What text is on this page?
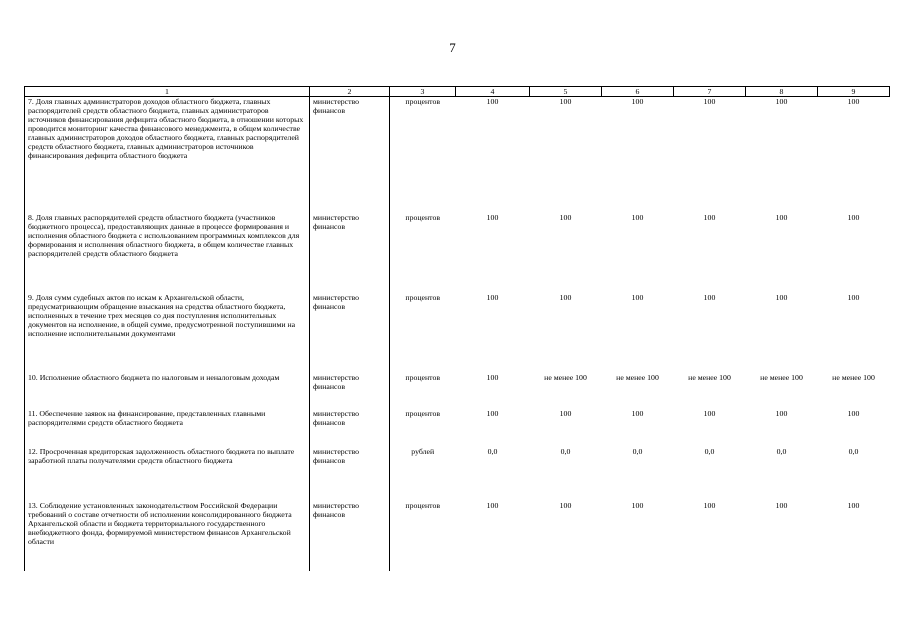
7
1	2	3	4	5	6	7	8	9
7. Доля главных администраторов доходов областного бюджета, главных распорядителей средств областного бюджета, главных администраторов источников финансирования дефицита областного бюджета, в отношении которых проводится мониторинг качества финансового менеджмента, в общем количестве главных администраторов доходов областного бюджета, главных распорядителей средств областного бюджета, главных администраторов источников финансирования дефицита областного бюджета	министерство финансов	процентов	100	100	100	100	100	100
8. Доля главных распорядителей средств областного бюджета (участников бюджетного процесса), предоставляющих данные в процессе формирования и исполнения областного бюджета с использованием программных комплексов для формирования и исполнения областного бюджета, в общем количестве главных распорядителей средств областного бюджета	министерство финансов	процентов	100	100	100	100	100	100
9. Доля сумм судебных актов по искам к Архангельской области, предусматривающим обращение взыскания на средства областного бюджета, исполненных в течение трех месяцев со дня поступления исполнительных документов на исполнение, в общей сумме, предусмотренной поступившими на исполнение исполнительными документами	министерство финансов	процентов	100	100	100	100	100	100
10. Исполнение областного бюджета по налоговым и неналоговым доходам	министерство финансов	процентов	100	не менее 100	не менее 100	не менее 100	не менее 100	не менее 100
11. Обеспечение заявок на финансирование, представленных главными распорядителями средств областного бюджета	министерство финансов	процентов	100	100	100	100	100	100
12. Просроченная кредиторская задолженность областного бюджета по выплате заработной платы получателями средств областного бюджета	министерство финансов	рублей	0,0	0,0	0,0	0,0	0,0	0,0
13. Соблюдение установленных законодательством Российской Федерации требований о составе отчетности об исполнении консолидированного бюджета Архангельской области и бюджета территориального государственного внебюджетного фонда, формируемой министерством финансов Архангельской области	министерство финансов	процентов	100	100	100	100	100	100
